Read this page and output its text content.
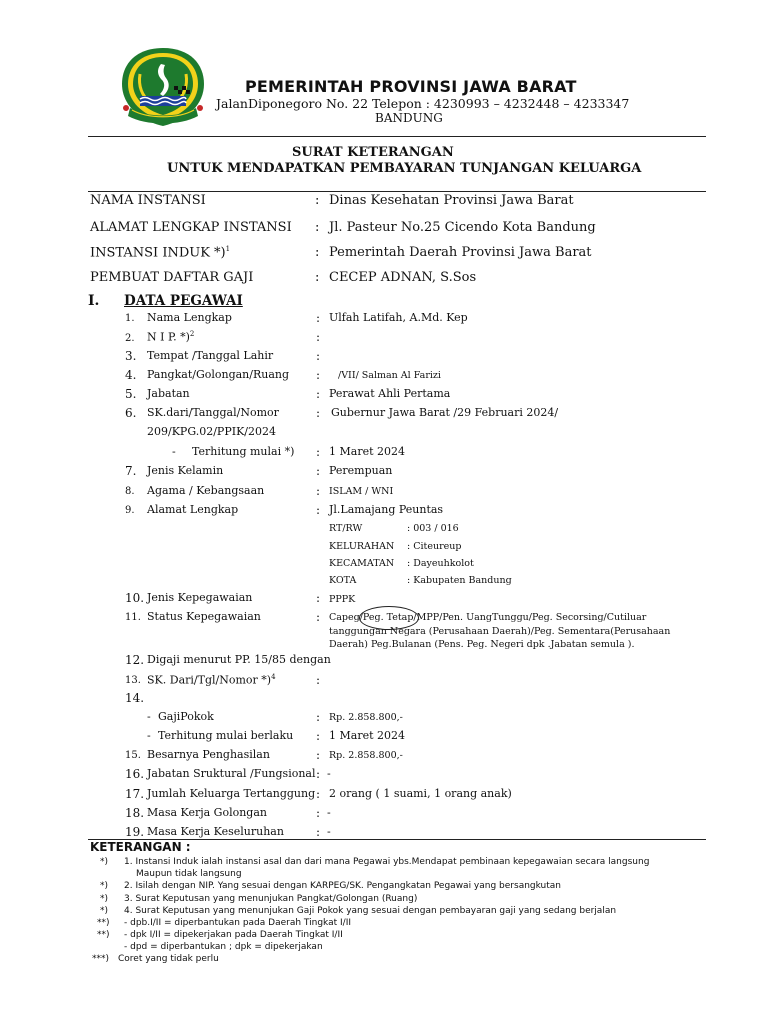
PEMERINTAH PROVINSI JAWA BARAT
JalanDiponegoro No. 22 Telepon : 4230993 – 4232448 – 4233347
BANDUNG
SURAT KETERANGAN
UNTUK MENDAPATKAN PEMBAYARAN TUNJANGAN KELUARGA
NAMA INSTANSI	: Dinas Kesehatan Provinsi Jawa Barat
ALAMAT LENGKAP INSTANSI : Jl. Pasteur No.25 Cicendo Kota Bandung
INSTANSI INDUK *)$^1$	: Pemerintah Daerah Provinsi Jawa Barat
PEMBUAT DAFTAR GAJI	: CECEP ADNAN, S.Sos
I. DATA PEGAWAI
1. Nama Lengkap	: Ulfah Latifah, A.Md. Kep
2. N I P. *)$^2$	:
3. Tempat /Tanggal Lahir	:
4. Pangkat/Golongan/Ruang : /VII/ Salman Al Farizi
5. Jabatan	: Perawat Ahli Pertama
6. SK.dari/Tanggal/Nomor	: Gubernur Jawa Barat /29 Februari 2024/
209/KPG.02/PPIK/2024
- Terhitung mulai *) : 1 Maret 2024
7. Jenis Kelamin	: Perempuan
8. Agama / Kebangsaan	: ISLAM / WNI
9. Alamat Lengkap	: Jl.Lamajang Peuntas
RT/RW	: 003 / 016
KELURAHAN : Citeureup
KECAMATAN : Dayeuhkolot
KOTA	: Kabupaten Bandung
10. Jenis Kepegawaian	: PPPK
11. Status Kepegawaian	: Capeg/Peg. Tetap/MPP/Pen. UangTunggu/Peg. Secorsing/Cutiluar
tanggungan Negara (Perusahaan Daerah)/Peg. Sementara(Perusahaan
Daerah) Peg.Bulanan (Pens. Peg. Negeri dpk .Jabatan semula ).
12. Digaji menurut PP. 15/85 dengan
13. SK. Dari/Tgl/Nomor *)$^4$	:
14.
- GajiPokok	: Rp. 2.858.800,-
- Terhitung mulai berlaku : 1 Maret 2024
15. Besarnya Penghasilan	: Rp. 2.858.800,-
16. Jabatan Sruktural /Fungsional : -
17. Jumlah Keluarga Tertanggung : 2 orang ( 1 suami, 1 orang anak)
18. Masa Kerja Golongan	: -
19. Masa Kerja Keseluruhan	: -
KETERANGAN :
*) 1. Instansi Induk ialah instansi asal dan dari mana Pegawai ybs.Mendapat pembinaan kepegawaian secara langsung
Maupun tidak langsung
*) 2. Isilah dengan NIP. Yang sesuai dengan KARPEG/SK. Pengangkatan Pegawai yang bersangkutan
*) 3. Surat Keputusan yang menunjukan Pangkat/Golongan (Ruang)
*) 4. Surat Keputusan yang menunjukan Gaji Pokok yang sesuai dengan pembayaran gaji yang sedang berjalan
**) - dpb.I/II = diperbantukan pada Daerah Tingkat I/II
**) - dpk I/II = dipekerjakan pada Daerah Tingkat I/II
- dpd = diperbantukan ; dpk = dipekerjakan
***) Coret yang tidak perlu
